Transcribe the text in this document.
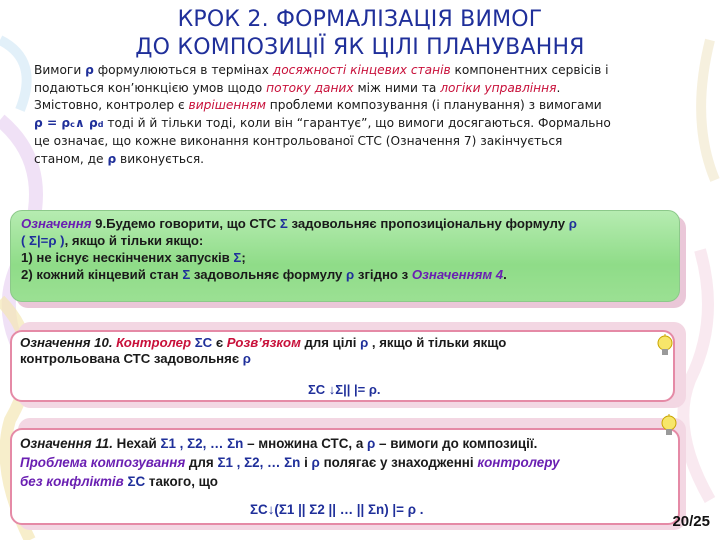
КРОК 2. ФОРМАЛІЗАЦІЯ ВИМОГ
ДО КОМПОЗИЦІЇ ЯК ЦІЛІ ПЛАНУВАННЯ
Вимоги ρ формулюються в термінах досяжності кінцевих станів компонентних сервісів і подаються кон’юнкцією умов щодо потоку даних між ними та логіки управління.
Змістовно, контролер є вирішенням проблеми композування (і планування) з вимогами ρ = ρc∧ ρd тоді й й тільки тоді, коли він “гарантує”, що вимоги досягаються. Формально це означає, що кожне виконання контрольованої СТС (Означення 7) закінчується станом, де ρ виконується.
Означення 9.Будемо говорити, що СТС Σ задовольняє пропозиціональну формулу ρ
( Σ|=ρ ), якщо й тільки якщо:
1) не існує нескінчених запусків Σ;
2) кожний кінцевий стан Σ задовольняє формулу ρ згідно з Означенням 4.
Означення 10. Контролер ΣC є Розв’язком для цілі ρ , якщо й тільки якщо
контрольована СТС задовольняє ρ
ΣC ↓Σ|| |= ρ.
Означення 11. Нехай Σ1 , Σ2, … Σn – множина СТС, а ρ – вимоги до композиції.
Проблема композування для Σ1 , Σ2, … Σn і ρ полягає у знаходженні контролеру
без конфліктів ΣC такого, що
ΣC↓(Σ1 || Σ2 || … || Σn) |= ρ .
20/25
